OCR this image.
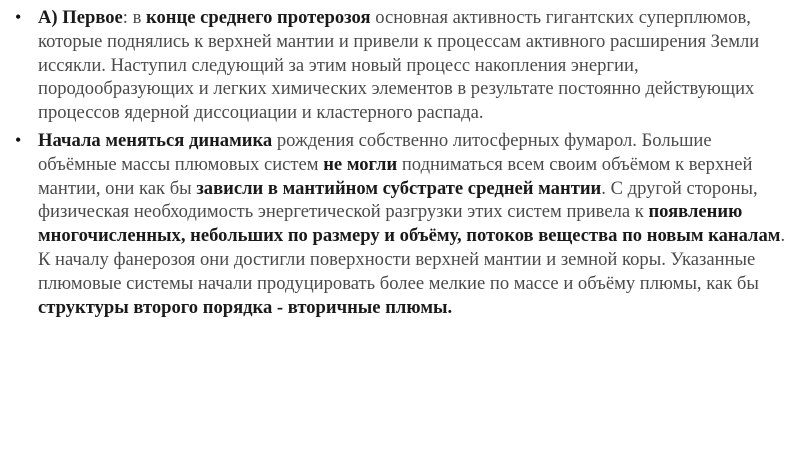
• А) Первое: в конце среднего протерозоя основная активность гигантских суперплюмов, которые поднялись к верхней мантии и привели к процессам активного расширения Земли иссякли. Наступил следующий за этим новый процесс накопления энергии, породообразующих и легких химических элементов в результате постоянно действующих процессов ядерной диссоциации и кластерного распада.
• Начала меняться динамика рождения собственно литосферных фумарол. Большие объёмные массы плюмовых систем не могли подниматься всем своим объёмом к верхней мантии, они как бы зависли в мантийном субстрате средней мантии. С другой стороны, физическая необходимость энергетической разгрузки этих систем привела к появлению многочисленных, небольших по размеру и объёму, потоков вещества по новым каналам. К началу фанерозоя они достигли поверхности верхней мантии и земной коры. Указанные плюмовые системы начали продуцировать более мелкие по массе и объёму плюмы, как бы структуры второго порядка - вторичные плюмы.
